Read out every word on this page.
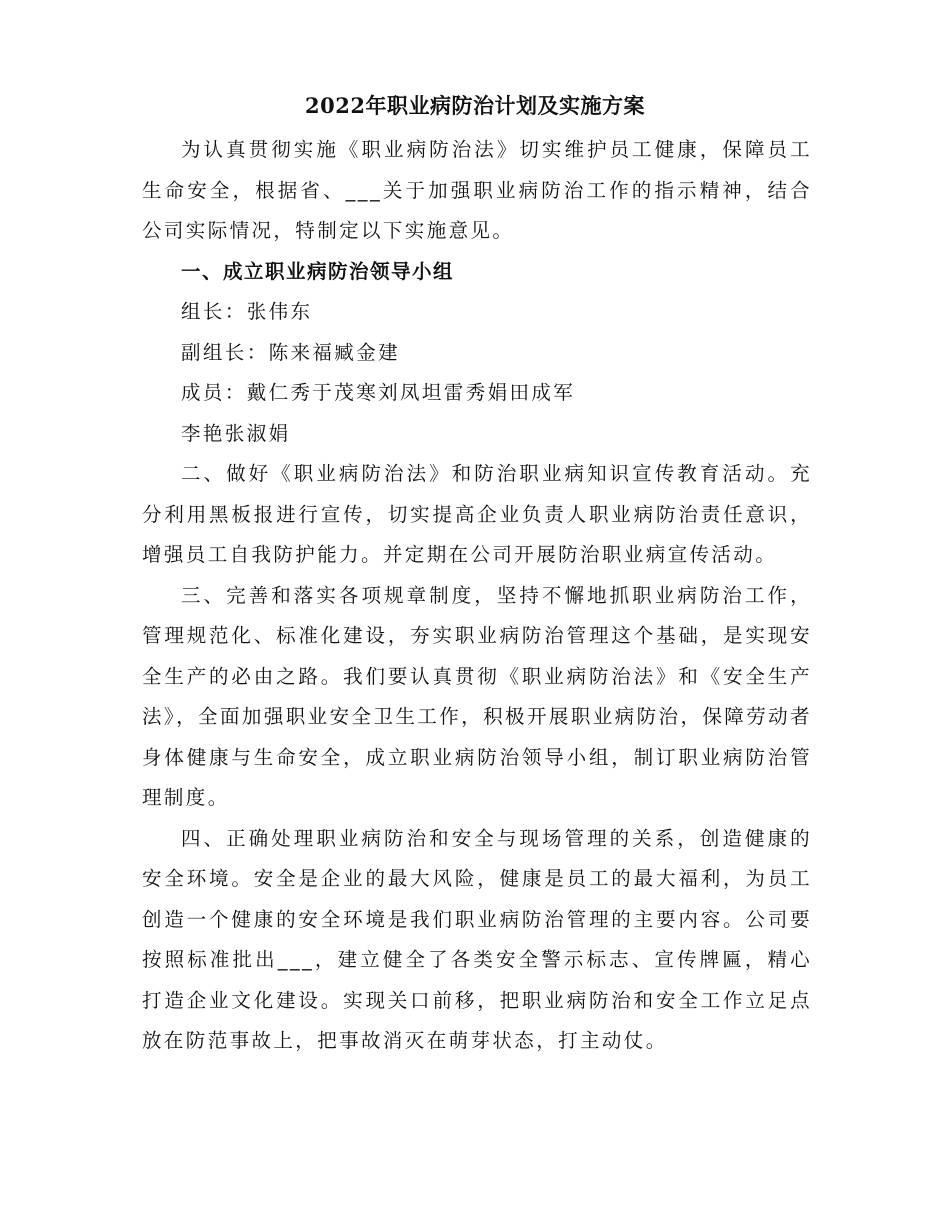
2022年职业病防治计划及实施方案

为认真贯彻实施《职业病防治法》切实维护员工健康，保障员工生命安全，根据省、___关于加强职业病防治工作的指示精神，结合公司实际情况，特制定以下实施意见。

一、成立职业病防治领导小组

组长：张伟东

副组长：陈来福臧金建

成员：戴仁秀于茂寒刘凤坦雷秀娟田成军

李艳张淑娟

二、做好《职业病防治法》和防治职业病知识宣传教育活动。充分利用黑板报进行宣传，切实提高企业负责人职业病防治责任意识，增强员工自我防护能力。并定期在公司开展防治职业病宣传活动。

三、完善和落实各项规章制度，坚持不懈地抓职业病防治工作，管理规范化、标准化建设，夯实职业病防治管理这个基础，是实现安全生产的必由之路。我们要认真贯彻《职业病防治法》和《安全生产法》，全面加强职业安全卫生工作，积极开展职业病防治，保障劳动者身体健康与生命安全，成立职业病防治领导小组，制订职业病防治管理制度。

四、正确处理职业病防治和安全与现场管理的关系，创造健康的安全环境。安全是企业的最大风险，健康是员工的最大福利，为员工创造一个健康的安全环境是我们职业病防治管理的主要内容。公司要按照标准批出___，建立健全了各类安全警示标志、宣传牌匾，精心打造企业文化建设。实现关口前移，把职业病防治和安全工作立足点放在防范事故上，把事故消灭在萌芽状态，打主动仗。
